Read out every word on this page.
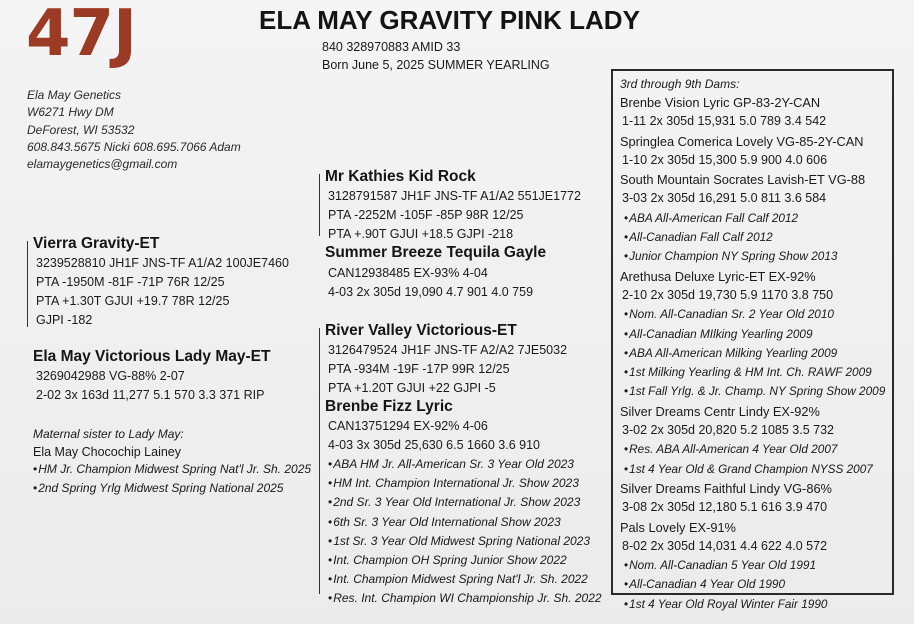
47J	ELA MAY GRAVITY PINK LADY
840 328970883 AMID 33
Born June 5, 2025 SUMMER YEARLING
Ela May Genetics
W6271 Hwy DM
DeForest, WI 53532
608.843.5675 Nicki 608.695.7066 Adam
elamaygenetics@gmail.com
Vierra Gravity-ET
3239528810 JH1F JNS-TF A1/A2 100JE7460
PTA -1950M -81F -71P 76R 12/25
PTA +1.30T GJUI +19.7 78R 12/25
GJPI -182
Ela May Victorious Lady May-ET
3269042988 VG-88% 2-07
2-02 3x 163d 11,277 5.1 570 3.3 371 RIP
Maternal sister to Lady May:
Ela May Chocochip Lainey
• HM Jr. Champion Midwest Spring Nat'l Jr. Sh. 2025
• 2nd Spring Yrlg Midwest Spring National 2025
Mr Kathies Kid Rock
3128791587 JH1F JNS-TF A1/A2 551JE1772
PTA -2252M -105F -85P 98R 12/25
PTA +.90T GJUI +18.5 GJPI -218
Summer Breeze Tequila Gayle
CAN12938485 EX-93% 4-04
4-03 2x 305d 19,090 4.7 901 4.0 759
River Valley Victorious-ET
3126479524 JH1F JNS-TF A2/A2 7JE5032
PTA -934M -19F -17P 99R 12/25
PTA +1.20T GJUI +22 GJPI -5
Brenbe Fizz Lyric
CAN13751294 EX-92% 4-06
4-03 3x 305d 25,630 6.5 1660 3.6 910
• ABA HM Jr. All-American Sr. 3 Year Old 2023
• HM Int. Champion International Jr. Show 2023
• 2nd Sr. 3 Year Old International Jr. Show 2023
• 6th Sr. 3 Year Old International Show 2023
• 1st Sr. 3 Year Old Midwest Spring National 2023
• Int. Champion OH Spring Junior Show 2022
• Int. Champion Midwest Spring Nat'l Jr. Sh. 2022
• Res. Int. Champion WI Championship Jr. Sh. 2022
3rd through 9th Dams:
Brenbe Vision Lyric GP-83-2Y-CAN
1-11 2x 305d 15,931 5.0 789 3.4 542
Springlea Comerica Lovely VG-85-2Y-CAN
1-10 2x 305d 15,300 5.9 900 4.0 606
South Mountain Socrates Lavish-ET VG-88
3-03 2x 305d 16,291 5.0 811 3.6 584
• ABA All-American Fall Calf 2012
• All-Canadian Fall Calf 2012
• Junior Champion NY Spring Show 2013
Arethusa Deluxe Lyric-ET EX-92%
2-10 2x 305d 19,730 5.9 1170 3.8 750
• Nom. All-Canadian Sr. 2 Year Old 2010
• All-Canadian MIlking Yearling 2009
• ABA All-American Milking Yearling 2009
• 1st Milking Yearling & HM Int. Ch. RAWF 2009
• 1st Fall Yrlg. & Jr. Champ. NY Spring Show 2009
Silver Dreams Centr Lindy EX-92%
3-02 2x 305d 20,820 5.2 1085 3.5 732
• Res. ABA All-American 4 Year Old 2007
• 1st 4 Year Old & Grand Champion NYSS 2007
Silver Dreams Faithful Lindy VG-86%
3-08 2x 305d 12,180 5.1 616 3.9 470
Pals Lovely EX-91%
8-02 2x 305d 14,031 4.4 622 4.0 572
• Nom. All-Canadian 5 Year Old 1991
• All-Canadian 4 Year Old 1990
• 1st 4 Year Old Royal Winter Fair 1990
